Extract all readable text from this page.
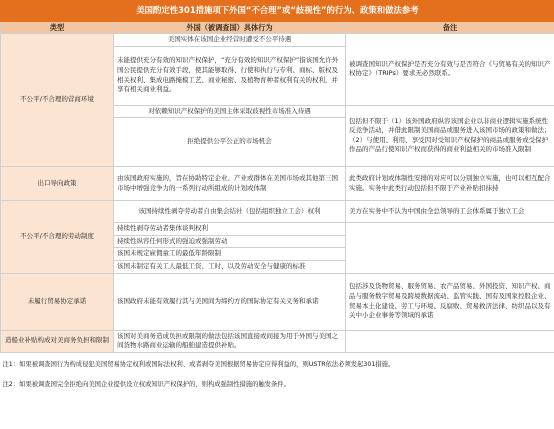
美国酌定性301措施项下外国“不合理”或“歧视性”的行为、政策和做法参考		
类型	外国（被调查国）具体行为	备注
不公平/不合理的营商环境	美国实体在该国企业经营时遭受不公平待遇	被调查国知识产权保护是否充分有效与是否符合《与贸易有关的知识产权协定》（TRIPs）要求无必然联系。
	未能提供充分有效的知识产权保护，“充分有效的知识产权保护”指该国允许外国公民提供充分有效手段，使其能够取得、行使和执行与专利、商标、版权及相关权利、集成电路掩模工艺、商业秘密、及植物育种者权利有关的权利，并享有相关商业利益。	
	对依赖知识产权保护的美国主体采取歧视性市场准入待遇	包括但不限于（1）该外国政府纵容该国企业以非商业逻辑实施系统性反竞争活动，并借此限制美国商品或服务进入该国市场的政策和做法；（2）与使用、利用、享受因对受知识产权保护的商品或服务或受保护作品的产品行使知识产权而获得的商业利益相关的市场准入限制
	拒绝提供公平公正的市场机会	
出口导向政策	由该国政府实施的，旨在协助特定企业、产业或群体在美国市场或其他第三国市场中增强竞争力的一系列行动所组成的计划或体制	此类政府计划或体制性安排的对应可以分别独立实施，也可以相互配合实施。实务中此类行动包括但不限于产业补贴扣抹持
不公平/不合理的劳动制度	该国持续性剥夺劳动者自由集会结社（包括组织独立工会）权利	美方在实务中不认为中国由全总领导的工会体系属于独立工会
	持续性剥夺劳动者集体谈判权利	
	持续性纵容任何形式的强迫或强制劳动	
	该国未规定雇佣童工的最低年龄限制	
	该国未制定有关工人最低工资、工时、以及劳动安全与健康的标准	
未履行贸易协定承诺	该国政府未能有效履行其与美国间为缔约方的国际协定有关义务和承诺	包括涉及货物贸易、服务贸易、农产品贸易、外国投资、知识产权、商品与服务数字贸易及跨境数据流动、监管实践、国有及国家控股企业、贸易本土化建设、劳工与环境、反腐败、贸易救济法律、纺织品以及有关中小企业事务等领域的承诺
造船业补贴构成对美商务负担和限制	该国对美商务造成负担或限制的做法包括该国直接或间接为用于外国与美国之间货物水路商业运输的船舶建造提供补贴。	

注1：如果被调查国行为构成侵犯美国贸易协定权利或国际法权利、或者剥夺美国根据贸易协定应得利益的，则USTR依法必须发起301措施。		
注2：如果被调查国完全拒绝向美国企业提供设立权或知识产权保护的，则构成强制性措施的触发条件。		
